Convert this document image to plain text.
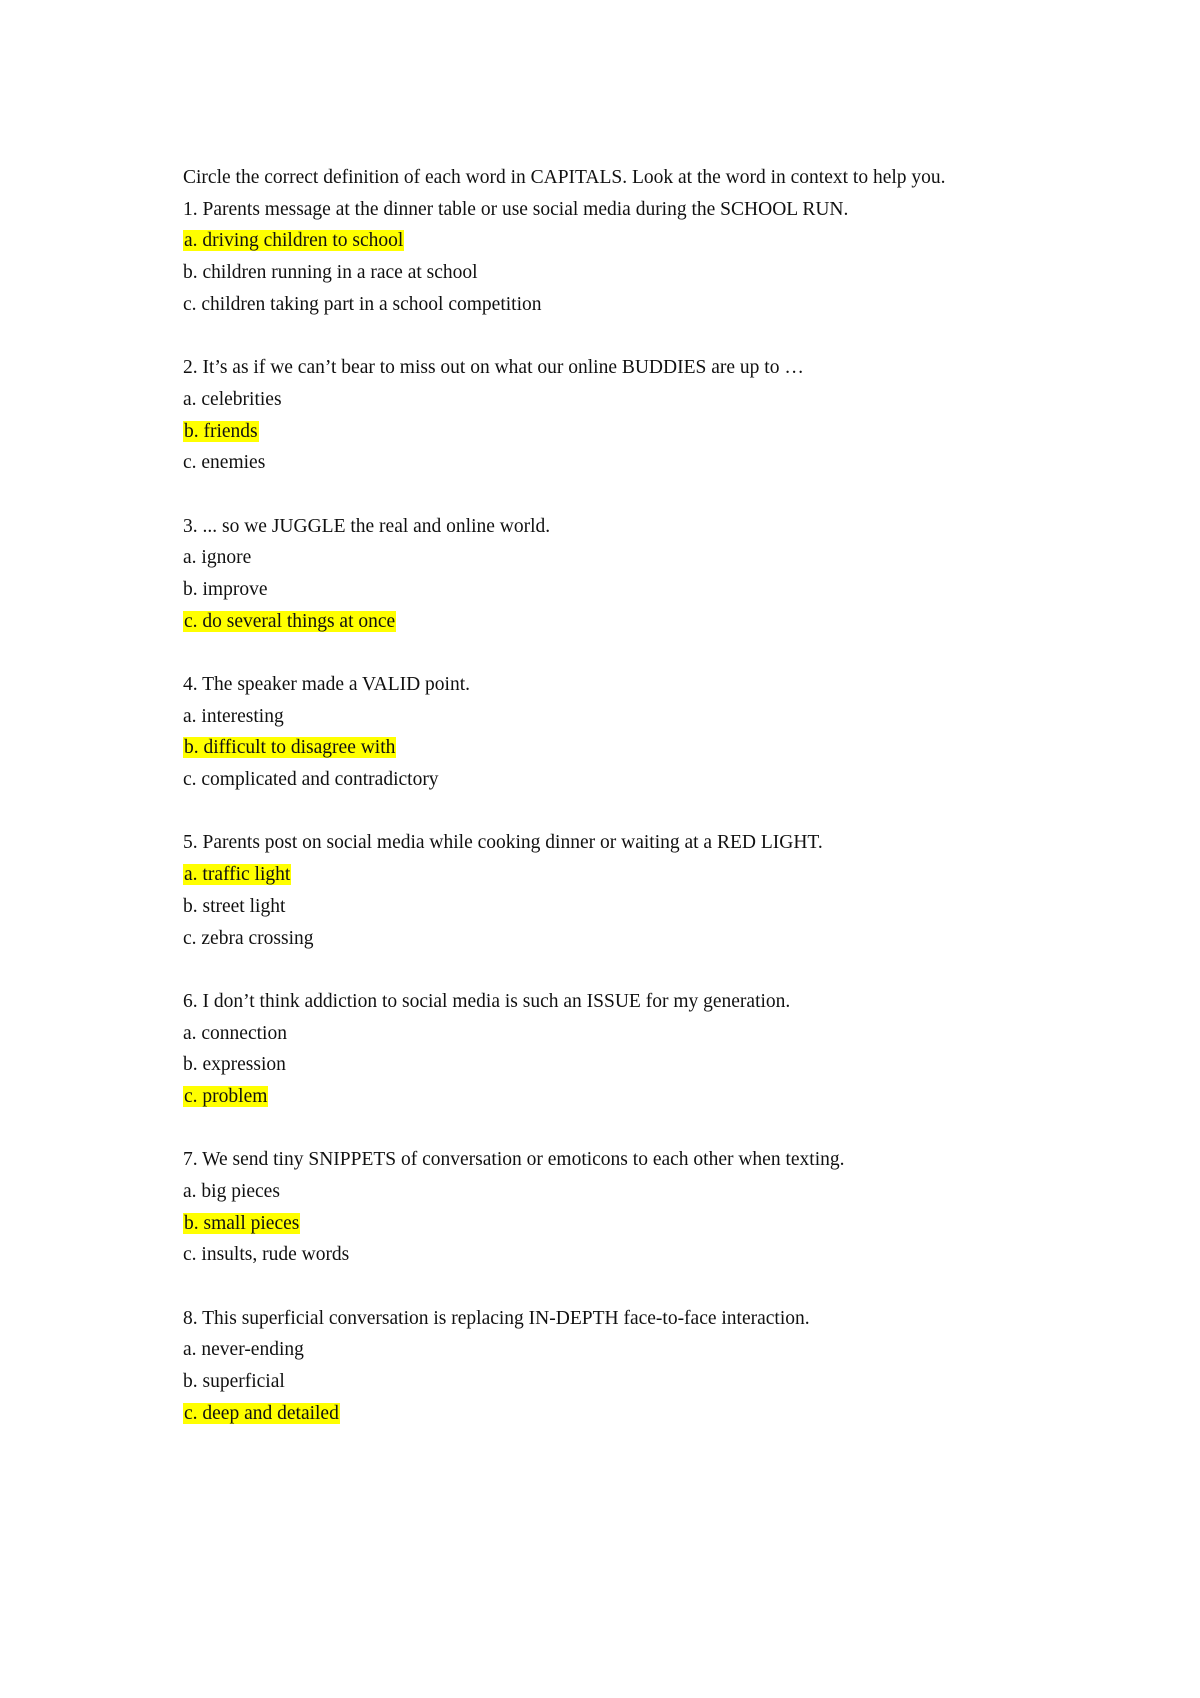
Circle the correct definition of each word in CAPITALS. Look at the word in context to help you.
1. Parents message at the dinner table or use social media during the SCHOOL RUN.
a. driving children to school
b. children running in a race at school
c. children taking part in a school competition
2. It’s as if we can’t bear to miss out on what our online BUDDIES are up to …
a. celebrities
b. friends
c. enemies
3. ... so we JUGGLE the real and online world.
a. ignore
b. improve
c. do several things at once
4. The speaker made a VALID point.
a. interesting
b. difficult to disagree with
c. complicated and contradictory
5. Parents post on social media while cooking dinner or waiting at a RED LIGHT.
a. traffic light
b. street light
c. zebra crossing
6. I don’t think addiction to social media is such an ISSUE for my generation.
a. connection
b. expression
c. problem
7. We send tiny SNIPPETS of conversation or emoticons to each other when texting.
a. big pieces
b. small pieces
c. insults, rude words
8. This superficial conversation is replacing IN-DEPTH face-to-face interaction.
a. never-ending
b. superficial
c. deep and detailed
